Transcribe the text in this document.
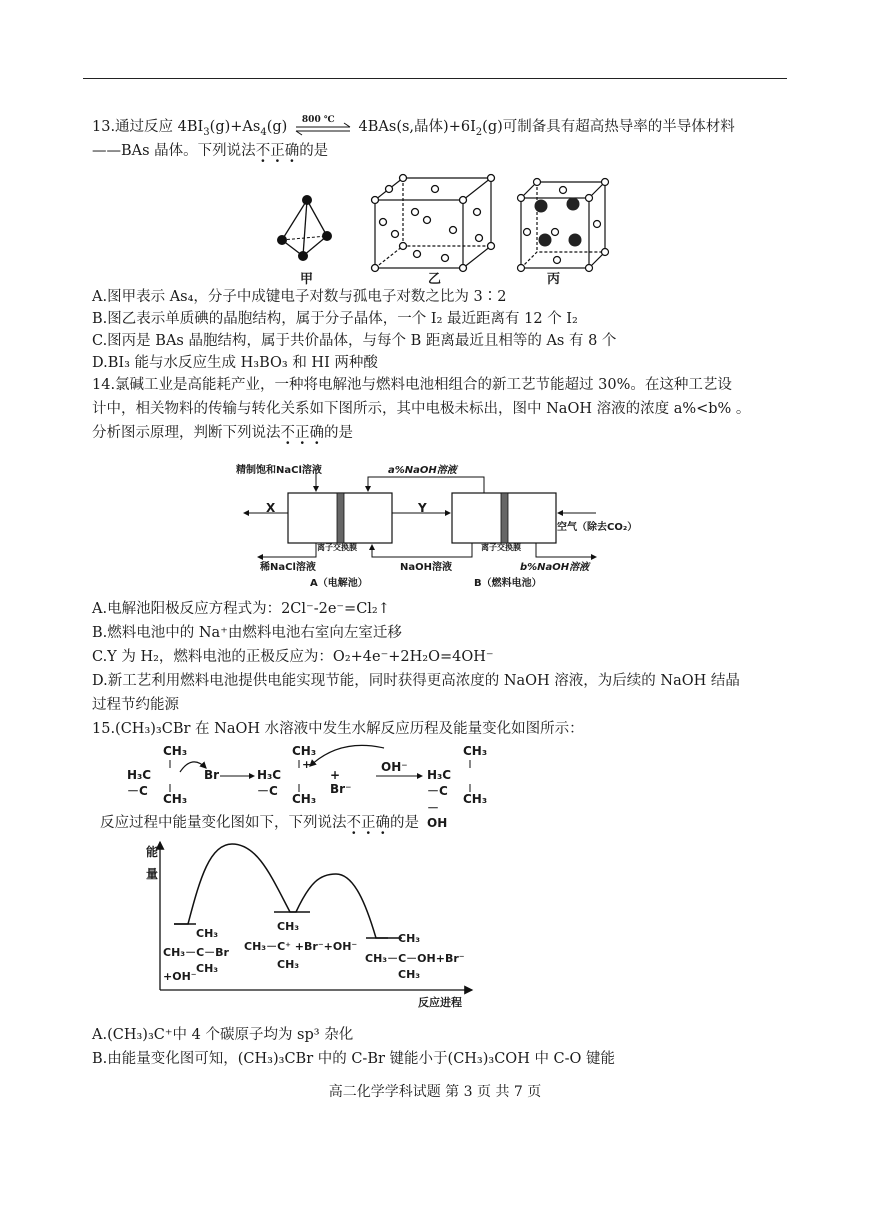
13.通过反应 $4BI_3(g)+As_4(g)$ 800 ℃ 4BAs(s,晶体)$+6I_2(g)$可制备具有超高热导率的半导体材料
——BAs 晶体。下列说法不正确的是
甲	乙	丙
A.图甲表示 As₄，分子中成键电子对数与孤电子对数之比为 3∶2
B.图乙表示单质碘的晶胞结构，属于分子晶体，一个 I₂ 最近距离有 12 个 I₂
C.图丙是 BAs 晶胞结构，属于共价晶体，与每个 B 距离最近且相等的 As 有 8 个
D.BI₃ 能与水反应生成 H₃BO₃ 和 HI 两种酸
14.氯碱工业是高能耗产业，一种将电解池与燃料电池相组合的新工艺节能超过 30%。在这种工艺设
计中，相关物料的传输与转化关系如下图所示，其中电极未标出，图中 NaOH 溶液的浓度 a%<b% 。
分析图示原理，判断下列说法不正确的是
精制饱和NaCl溶液	a%NaOH溶液
X	Y
空气（除去CO₂）
离子交换膜	离子交换膜
稀NaCl溶液	NaOH溶液	b%NaOH溶液
A（电解池）	B（燃料电池）
A.电解池阳极反应方程式为：2Cl⁻-2e⁻=Cl₂↑
B.燃料电池中的 Na⁺由燃料电池右室向左室迁移
C.Y 为 H₂，燃料电池的正极反应为：O₂+4e⁻+2H₂O=4OH⁻
D.新工艺利用燃料电池提供电能实现节能，同时获得更高浓度的 NaOH 溶液，为后续的 NaOH 结晶
过程节约能源
15.(CH₃)₃CBr 在 NaOH 水溶液中发生水解反应历程及能量变化如图所示：
CH₃
H₃C－C
Br
CH₃
CH₃
H₃C－C
+
CH₃
+ Br⁻
OH⁻
CH₃
H₃C－C－OH
CH₃
反应过程中能量变化图如下，下列说法不正确的是
能
量
反应进程
CH₃
CH₃－C－Br
CH₃
+OH⁻
CH₃
CH₃－C⁺ +Br⁻+OH⁻
CH₃
CH₃
CH₃－C－OH+Br⁻
CH₃
A.(CH₃)₃C⁺中 4 个碳原子均为 sp³ 杂化
B.由能量变化图可知，(CH₃)₃CBr 中的 C-Br 键能小于(CH₃)₃COH 中 C-O 键能
高二化学学科试题 第 3 页 共 7 页
